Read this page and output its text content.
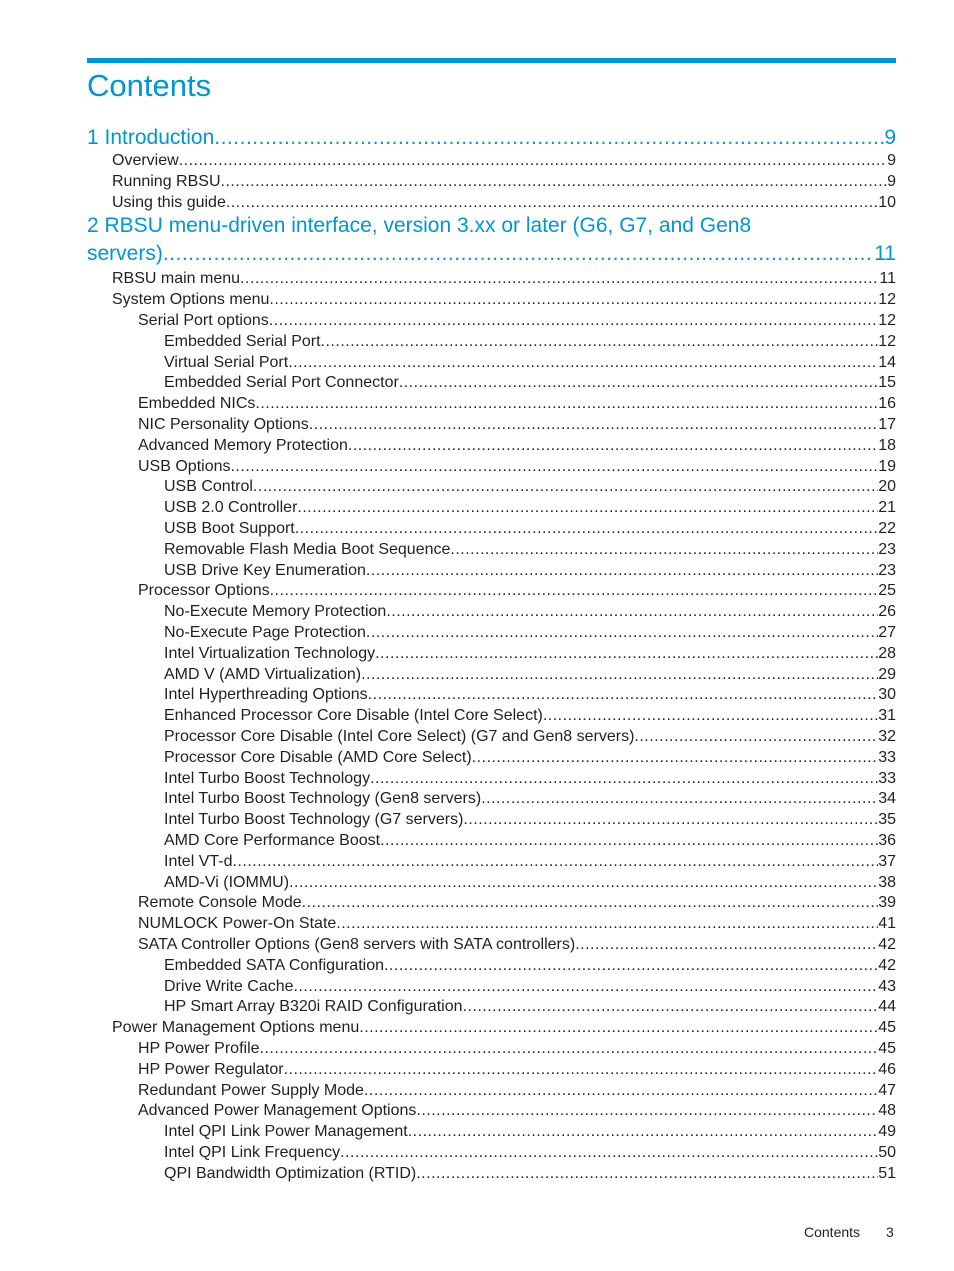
Contents
1 Introduction .....	9
Overview .....	9
Running RBSU .....	9
Using this guide .....	10
2 RBSU menu-driven interface, version 3.xx or later (G6, G7, and Gen8
servers) .....	11
RBSU main menu .....	11
System Options menu .....	12
Serial Port options .....	12
Embedded Serial Port .....	12
Virtual Serial Port .....	14
Embedded Serial Port Connector .....	15
Embedded NICs .....	16
NIC Personality Options .....	17
Advanced Memory Protection .....	18
USB Options .....	19
USB Control .....	20
USB 2.0 Controller .....	21
USB Boot Support .....	22
Removable Flash Media Boot Sequence .....	23
USB Drive Key Enumeration .....	23
Processor Options .....	25
No-Execute Memory Protection .....	26
No-Execute Page Protection .....	27
Intel Virtualization Technology .....	28
AMD V (AMD Virtualization) .....	29
Intel Hyperthreading Options .....	30
Enhanced Processor Core Disable (Intel Core Select) .....	31
Processor Core Disable (Intel Core Select) (G7 and Gen8 servers) .....	32
Processor Core Disable (AMD Core Select) .....	33
Intel Turbo Boost Technology .....	33
Intel Turbo Boost Technology (Gen8 servers) .....	34
Intel Turbo Boost Technology (G7 servers) .....	35
AMD Core Performance Boost .....	36
Intel VT-d .....	37
AMD-Vi (IOMMU) .....	38
Remote Console Mode .....	39
NUMLOCK Power-On State .....	41
SATA Controller Options (Gen8 servers with SATA controllers) .....	42
Embedded SATA Configuration .....	42
Drive Write Cache .....	43
HP Smart Array B320i RAID Configuration .....	44
Power Management Options menu .....	45
HP Power Profile .....	45
HP Power Regulator .....	46
Redundant Power Supply Mode .....	47
Advanced Power Management Options .....	48
Intel QPI Link Power Management .....	49
Intel QPI Link Frequency .....	50
QPI Bandwidth Optimization (RTID) .....	51
Contents 3
